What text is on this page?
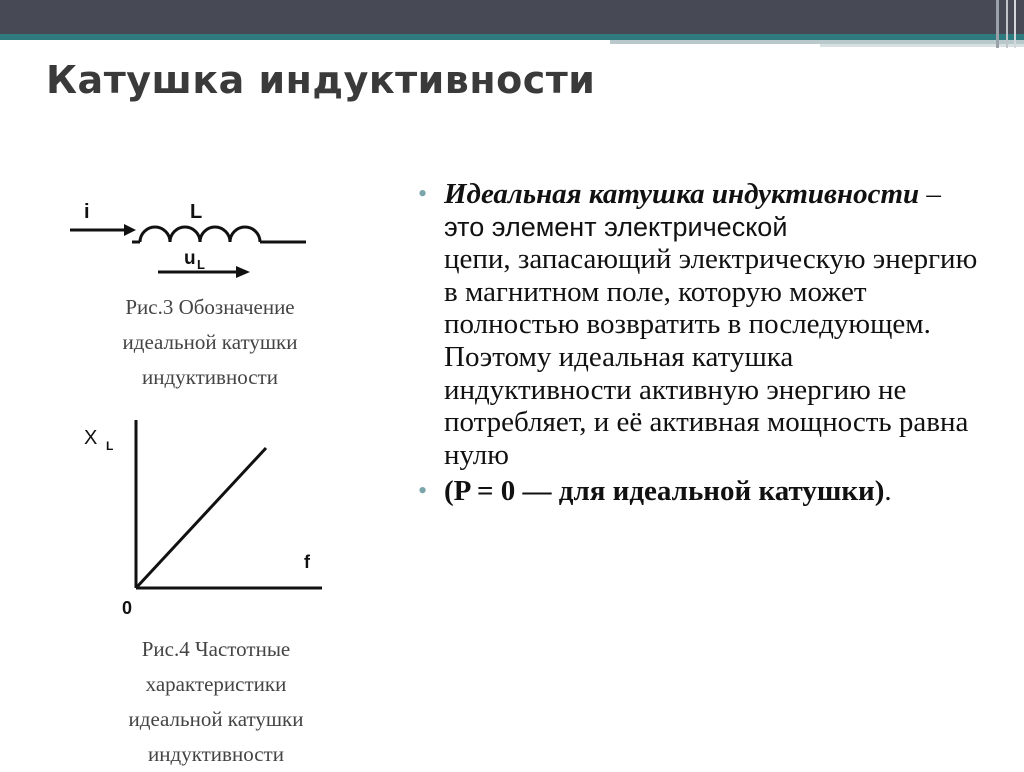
Катушка индуктивности
i	L
u L
Рис.3 Обозначение
идеальной катушки
индуктивности
X L
f
0
Рис.4 Частотные
характеристики
идеальной катушки
индуктивности
• Идеальная катушка индуктивности –
это элемент электрической
цепи, запасающий электрическую энергию в магнитном поле, которую может полностью возвратить в последующем. Поэтому идеальная катушка индуктивности активную энергию не потребляет, и её активная мощность равна нулю
• (P = 0 — для идеальной катушки).
